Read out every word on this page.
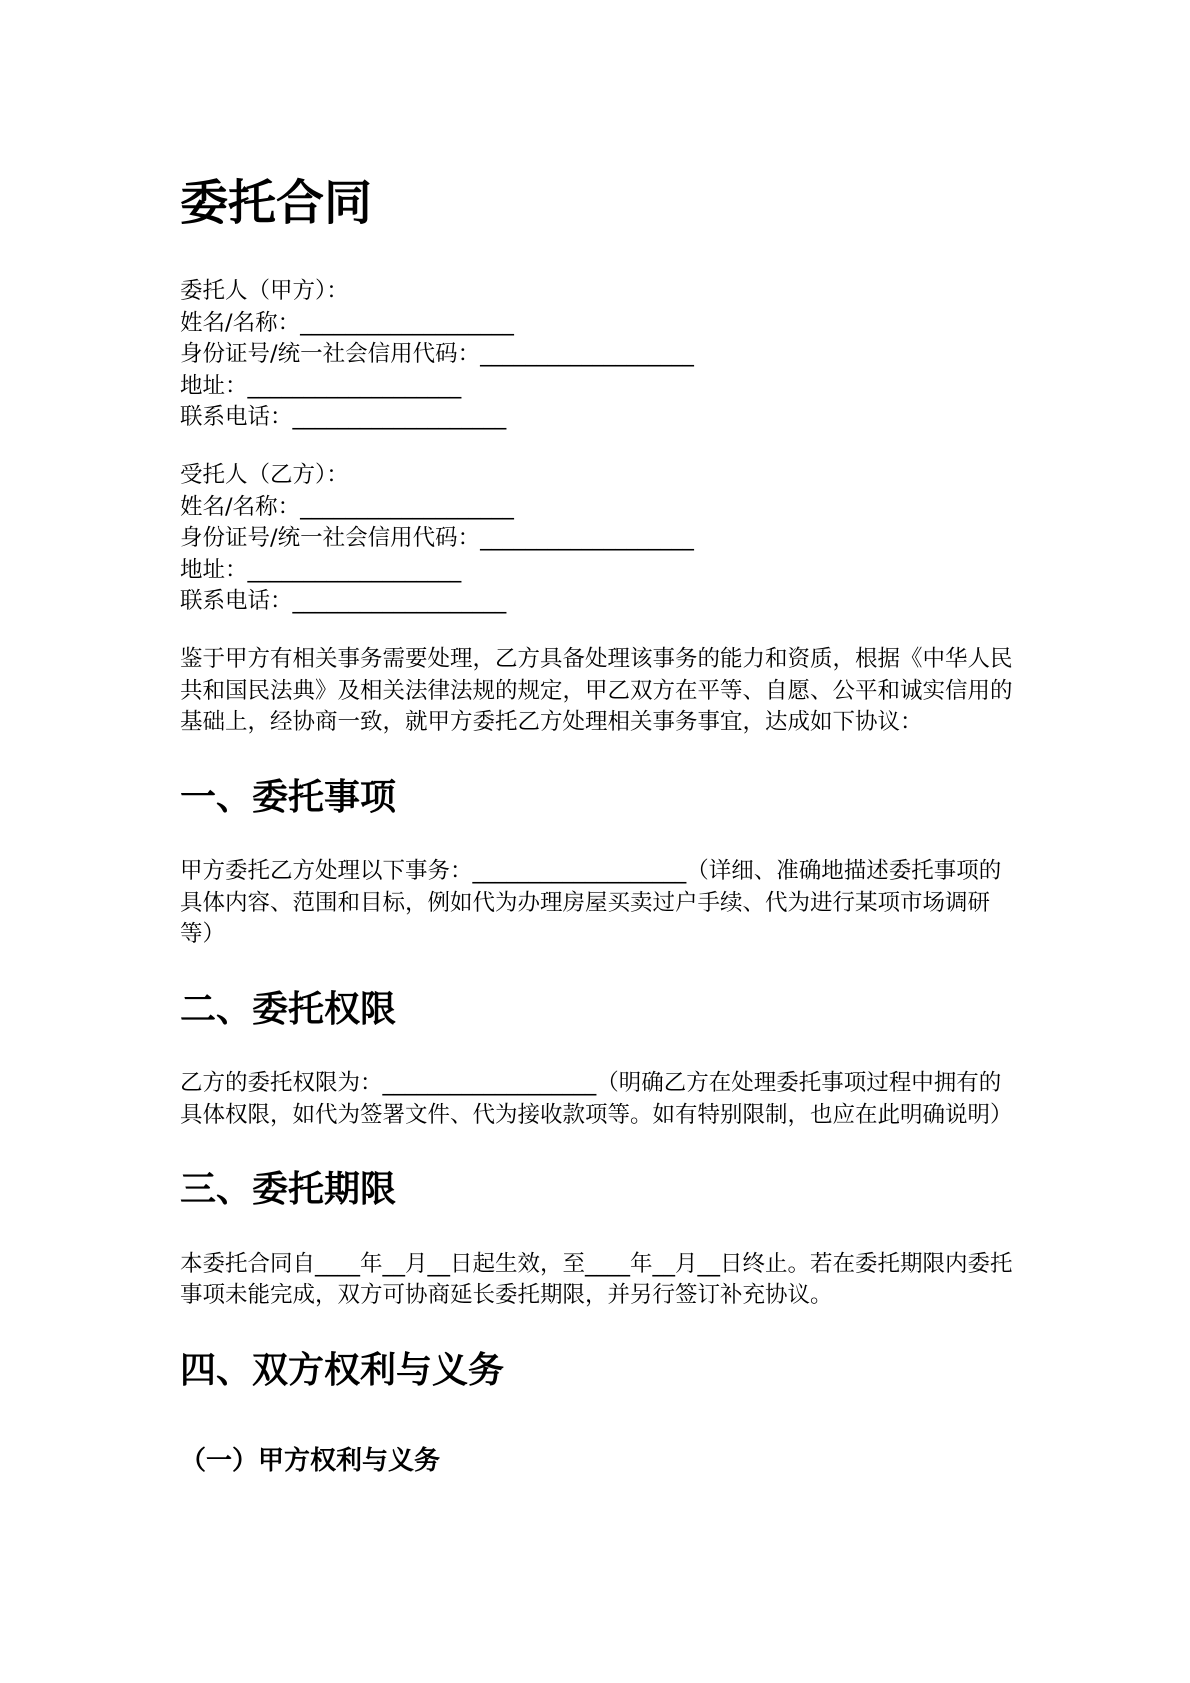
委托合同
委托人（甲方）：
姓名/名称：___________________
身份证号/统一社会信用代码：___________________
地址：___________________
联系电话：___________________
受托人（乙方）：
姓名/名称：___________________
身份证号/统一社会信用代码：___________________
地址：___________________
联系电话：___________________
鉴于甲方有相关事务需要处理，乙方具备处理该事务的能力和资质，根据《中华人民
共和国民法典》及相关法律法规的规定，甲乙双方在平等、自愿、公平和诚实信用的
基础上，经协商一致，就甲方委托乙方处理相关事务事宜，达成如下协议：
一、委托事项
甲方委托乙方处理以下事务：___________________（详细、准确地描述委托事项的
具体内容、范围和目标，例如代为办理房屋买卖过户手续、代为进行某项市场调研
等）
二、委托权限
乙方的委托权限为：___________________（明确乙方在处理委托事项过程中拥有的
具体权限，如代为签署文件、代为接收款项等。如有特别限制，也应在此明确说明）
三、委托期限
本委托合同自____年__月__日起生效，至____年__月__日终止。若在委托期限内委托
事项未能完成，双方可协商延长委托期限，并另行签订补充协议。
四、双方权利与义务
（一）甲方权利与义务
